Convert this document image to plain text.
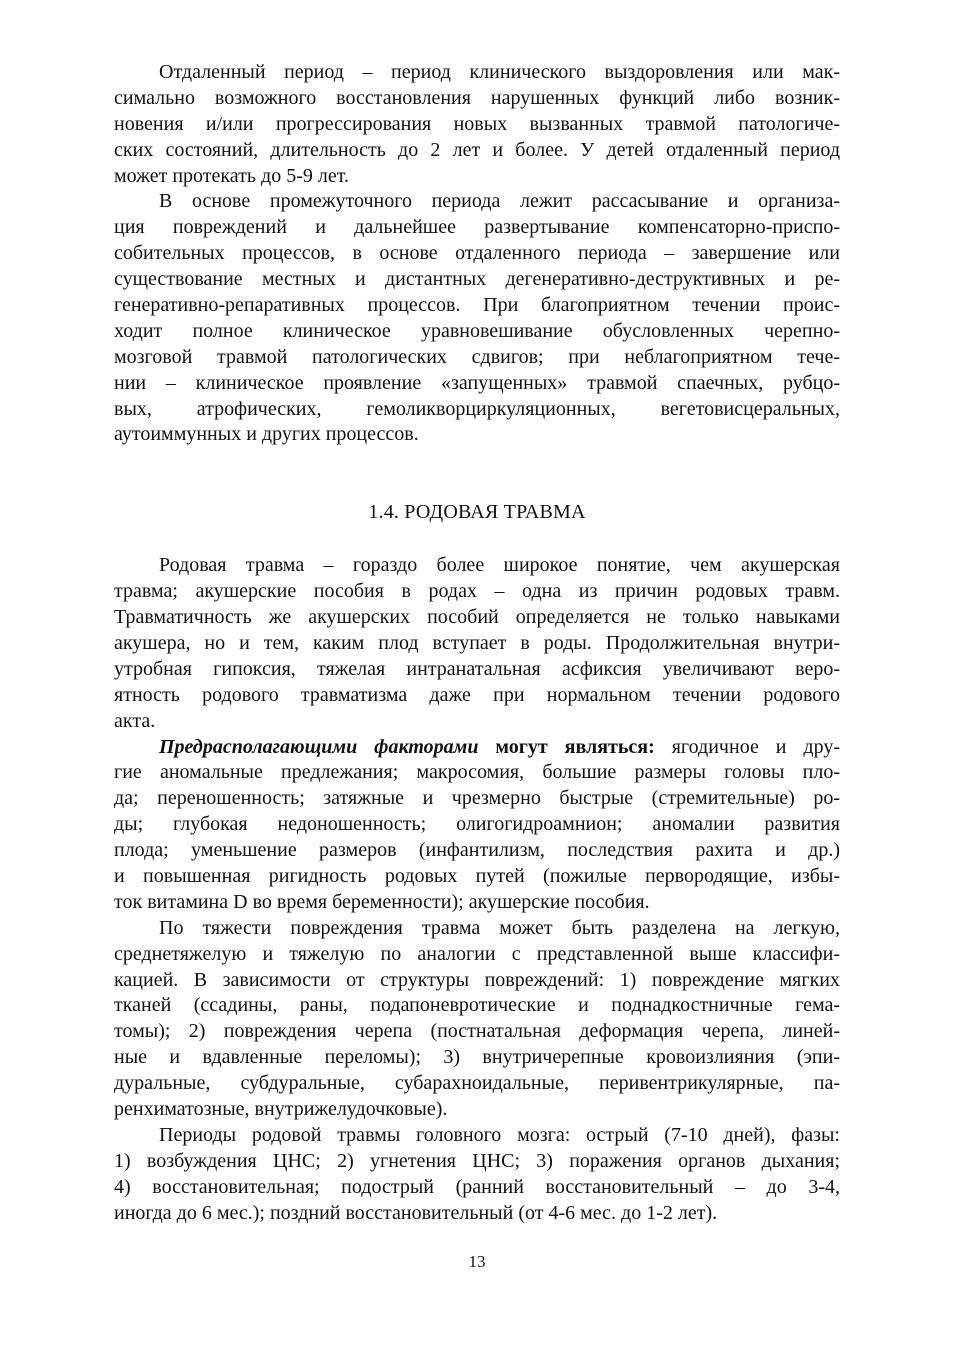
Отдаленный период – период клинического выздоровления или мак-
симально возможного восстановления нарушенных функций либо возник-
новения и/или прогрессирования новых вызванных травмой патологиче-
ских состояний, длительность до 2 лет и более. У детей отдаленный период
может протекать до 5-9 лет.
В основе промежуточного периода лежит рассасывание и организа-
ция повреждений и дальнейшее развертывание компенсаторно-приспо-
собительных процессов, в основе отдаленного периода – завершение или
существование местных и дистантных дегенеративно-деструктивных и ре-
генеративно-репаративных процессов. При благоприятном течении проис-
ходит полное клиническое уравновешивание обусловленных черепно-
мозговой травмой патологических сдвигов; при неблагоприятном тече-
нии – клиническое проявление «запущенных» травмой спаечных, рубцо-
вых, атрофических, гемоликворциркуляционных, вегетовисцеральных,
аутоиммунных и других процессов.
1.4. РОДОВАЯ ТРАВМА
Родовая травма – гораздо более широкое понятие, чем акушерская
травма; акушерские пособия в родах – одна из причин родовых травм.
Травматичность же акушерских пособий определяется не только навыками
акушера, но и тем, каким плод вступает в роды. Продолжительная внутри-
утробная гипоксия, тяжелая интранатальная асфиксия увеличивают веро-
ятность родового травматизма даже при нормальном течении родового
акта.
Предрасполагающими факторами могут являться: ягодичное и дру-
гие аномальные предлежания; макросомия, большие размеры головы пло-
да; переношенность; затяжные и чрезмерно быстрые (стремительные) ро-
ды; глубокая недоношенность; олигогидроамнион; аномалии развития
плода; уменьшение размеров (инфантилизм, последствия рахита и др.)
и повышенная ригидность родовых путей (пожилые первородящие, избы-
ток витамина D во время беременности); акушерские пособия.
По тяжести повреждения травма может быть разделена на легкую,
среднетяжелую и тяжелую по аналогии с представленной выше классифи-
кацией. В зависимости от структуры повреждений: 1) повреждение мягких
тканей (ссадины, раны, подапоневротические и поднадкостничные гема-
томы); 2) повреждения черепа (постнатальная деформация черепа, линей-
ные и вдавленные переломы); 3) внутричерепные кровоизлияния (эпи-
дуральные, субдуральные, субарахноидальные, перивентрикулярные, па-
ренхиматозные, внутрижелудочковые).
Периоды родовой травмы головного мозга: острый (7-10 дней), фазы:
1) возбуждения ЦНС; 2) угнетения ЦНС; 3) поражения органов дыхания;
4) восстановительная; подострый (ранний восстановительный – до 3-4,
иногда до 6 мес.); поздний восстановительный (от 4-6 мес. до 1-2 лет).
13
